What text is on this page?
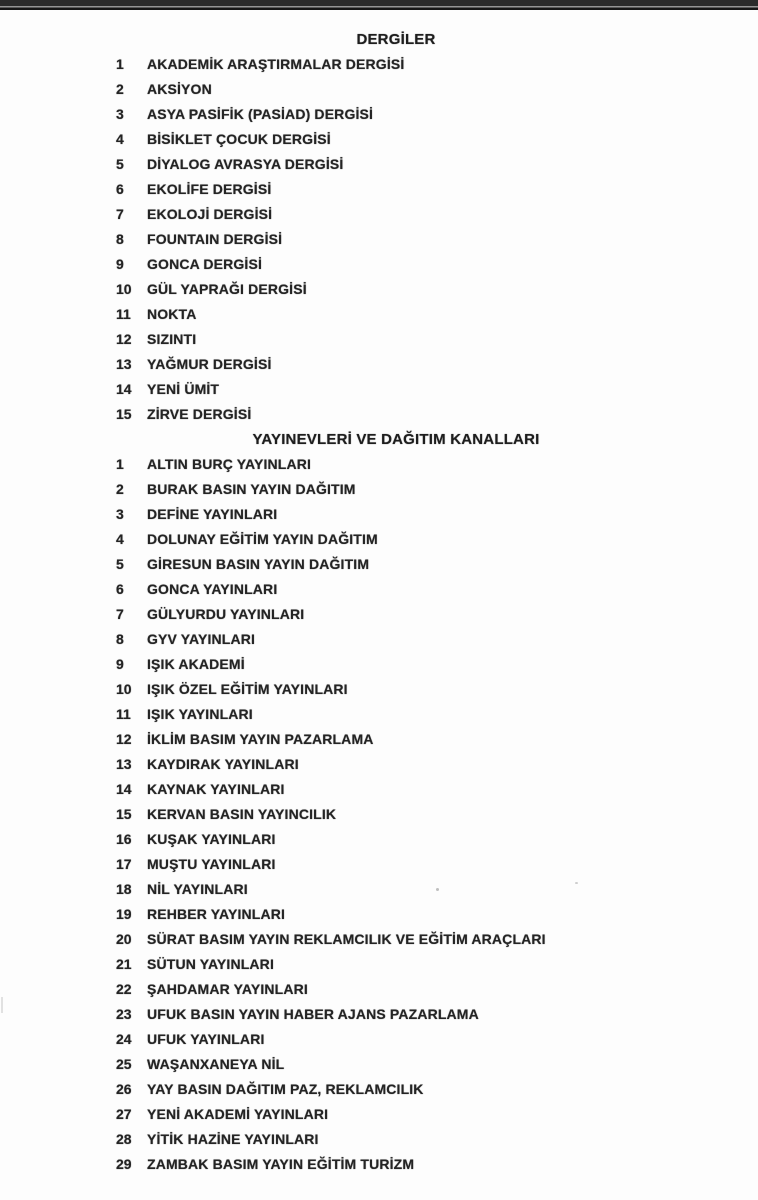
DERGİLER
1 AKADEMİK ARAŞTIRMALAR DERGİSİ
2 AKSİYON
3 ASYA PASİFİK (PASİAD) DERGİSİ
4 BİSİKLET ÇOCUK DERGİSİ
5 DİYALOG AVRASYA DERGİSİ
6 EKOLİFE DERGİSİ
7 EKOLOJİ DERGİSİ
8 FOUNTAIN DERGİSİ
9 GONCA DERGİSİ
10 GÜL YAPRAĞI DERGİSİ
11 NOKTA
12 SIZINTI
13 YAĞMUR DERGİSİ
14 YENİ ÜMİT
15 ZİRVE DERGİSİ
YAYINEVLERİ VE DAĞITIM KANALLARI
1 ALTIN BURÇ YAYINLARI
2 BURAK BASIN YAYIN DAĞITIM
3 DEFİNE YAYINLARI
4 DOLUNAY EĞİTİM YAYIN DAĞITIM
5 GİRESUN BASIN YAYIN DAĞITIM
6 GONCA YAYINLARI
7 GÜLYURDU YAYINLARI
8 GYV YAYINLARI
9 IŞIK AKADEMİ
10 IŞIK ÖZEL EĞİTİM YAYINLARI
11 IŞIK YAYINLARI
12 İKLİM BASIM YAYIN PAZARLAMA
13 KAYDIRAK YAYINLARI
14 KAYNAK YAYINLARI
15 KERVAN BASIN YAYINCILIK
16 KUŞAK YAYINLARI
17 MUŞTU YAYINLARI
18 NİL YAYINLARI
19 REHBER YAYINLARI
20 SÜRAT BASIM YAYIN REKLAMCILIK VE EĞİTİM ARAÇLARI
21 SÜTUN YAYINLARI
22 ŞAHDAMAR YAYINLARI
23 UFUK BASIN YAYIN HABER AJANS PAZARLAMA
24 UFUK YAYINLARI
25 WAŞANXANEYA NİL
26 YAY BASIN DAĞITIM PAZ, REKLAMCILIK
27 YENİ AKADEMİ YAYINLARI
28 YİTİK HAZİNE YAYINLARI
29 ZAMBAK BASIM YAYIN EĞİTİM TURİZM
